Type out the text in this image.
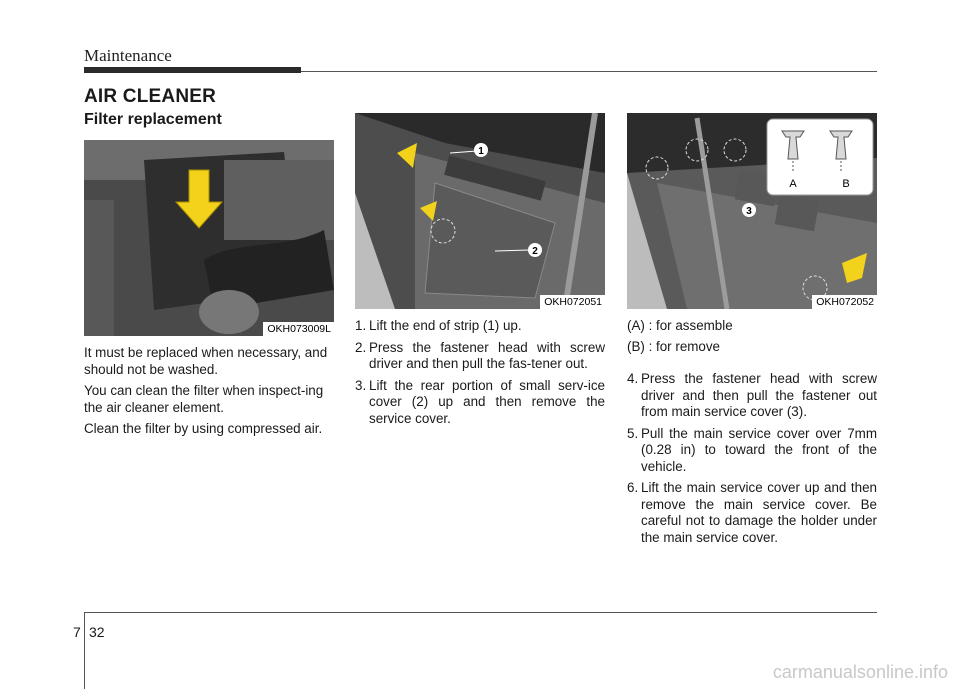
Maintenance
AIR CLEANER
Filter replacement
OKH073009L
1
2
OKH072051
3
A	B
OKH072052

It must be replaced when necessary, and should not be washed.

You can clean the filter when inspect-ing the air cleaner element.

Clean the filter by using compressed air.

1. Lift the end of strip (1) up.
2. Press the fastener head with screw driver and then pull the fas-tener out.
3. Lift the rear portion of small serv-ice cover (2) up and then remove the service cover.
(A) : for assemble
(B) : for remove
4. Press the fastener head with screw driver and then pull the fastener out from main service cover (3).
5. Pull the main service cover over 7mm (0.28 in) to toward the front of the vehicle.
6. Lift the main service cover up and then remove the main service cover. Be careful not to damage the holder under the main service cover.
7 32
carmanualsonline.info
